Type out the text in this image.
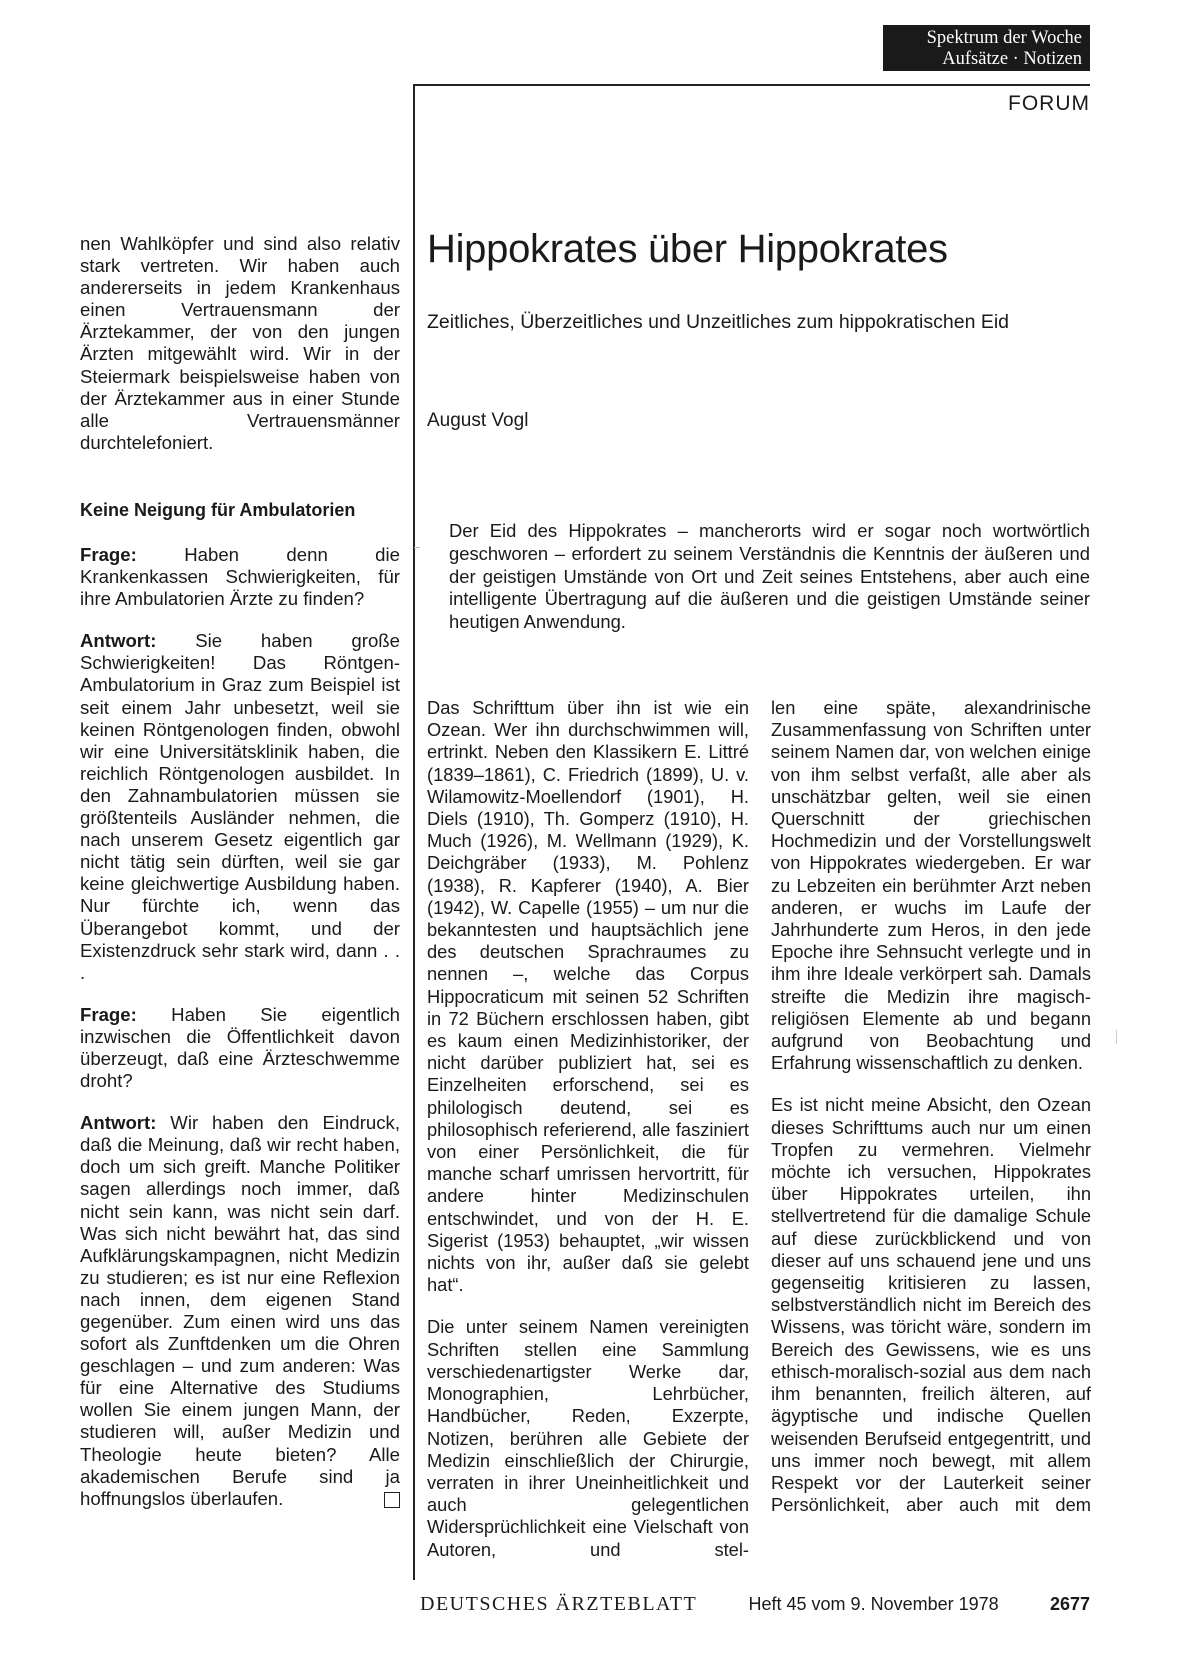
Spektrum der Woche
Aufsätze · Notizen
FORUM

nen Wahlköpfer und sind also relativ stark vertreten. Wir haben auch andererseits in jedem Krankenhaus einen Vertrauensmann der Ärztekammer, der von den jungen Ärzten mitgewählt wird. Wir in der Steiermark beispielsweise haben von der Ärztekammer aus in einer Stunde alle Vertrauensmänner durchtelefoniert.

Keine Neigung für Ambulatorien

Frage: Haben denn die Krankenkassen Schwierigkeiten, für ihre Ambulatorien Ärzte zu finden?

Antwort: Sie haben große Schwierigkeiten! Das Röntgen-Ambulatorium in Graz zum Beispiel ist seit einem Jahr unbesetzt, weil sie keinen Röntgenologen finden, obwohl wir eine Universitätsklinik haben, die reichlich Röntgenologen ausbildet. In den Zahnambulatorien müssen sie größtenteils Ausländer nehmen, die nach unserem Gesetz eigentlich gar nicht tätig sein dürften, weil sie gar keine gleichwertige Ausbildung haben. Nur fürchte ich, wenn das Überangebot kommt, und der Existenzdruck sehr stark wird, dann . . .

Frage: Haben Sie eigentlich inzwischen die Öffentlichkeit davon überzeugt, daß eine Ärzteschwemme droht?

Antwort: Wir haben den Eindruck, daß die Meinung, daß wir recht haben, doch um sich greift. Manche Politiker sagen allerdings noch immer, daß nicht sein kann, was nicht sein darf. Was sich nicht bewährt hat, das sind Aufklärungskampagnen, nicht Medizin zu studieren; es ist nur eine Reflexion nach innen, dem eigenen Stand gegenüber. Zum einen wird uns das sofort als Zunftdenken um die Ohren geschlagen – und zum anderen: Was für eine Alternative des Studiums wollen Sie einem jungen Mann, der studieren will, außer Medizin und Theologie heute bieten? Alle akademischen Berufe sind ja hoffnungslos überlaufen.

Hippokrates über Hippokrates
Zeitliches, Überzeitliches und Unzeitliches zum hippokratischen Eid
August Vogl

Der Eid des Hippokrates – mancherorts wird er sogar noch wortwörtlich geschworen – erfordert zu seinem Verständnis die Kenntnis der äußeren und der geistigen Umstände von Ort und Zeit seines Entstehens, aber auch eine intelligente Übertragung auf die äußeren und die geistigen Umstände seiner heutigen Anwendung.

Das Schrifttum über ihn ist wie ein Ozean. Wer ihn durchschwimmen will, ertrinkt. Neben den Klassikern E. Littré (1839–1861), C. Friedrich (1899), U. v. Wilamowitz-Moellendorf (1901), H. Diels (1910), Th. Gomperz (1910), H. Much (1926), M. Wellmann (1929), K. Deichgräber (1933), M. Pohlenz (1938), R. Kapferer (1940), A. Bier (1942), W. Capelle (1955) – um nur die bekanntesten und hauptsächlich jene des deutschen Sprachraumes zu nennen –, welche das Corpus Hippocraticum mit seinen 52 Schriften in 72 Büchern erschlossen haben, gibt es kaum einen Medizinhistoriker, der nicht darüber publiziert hat, sei es Einzelheiten erforschend, sei es philologisch deutend, sei es philosophisch referierend, alle fasziniert von einer Persönlichkeit, die für manche scharf umrissen hervortritt, für andere hinter Medizinschulen entschwindet, und von der H. E. Sigerist (1953) behauptet, „wir wissen nichts von ihr, außer daß sie gelebt hat“.

Die unter seinem Namen vereinigten Schriften stellen eine Sammlung verschiedenartigster Werke dar, Monographien, Lehrbücher, Handbücher, Reden, Exzerpte, Notizen, berühren alle Gebiete der Medizin einschließlich der Chirurgie, verraten in ihrer Uneinheitlichkeit und auch gelegentlichen Widersprüchlichkeit eine Vielschaft von Autoren, und stel-

len eine späte, alexandrinische Zusammenfassung von Schriften unter seinem Namen dar, von welchen einige von ihm selbst verfaßt, alle aber als unschätzbar gelten, weil sie einen Querschnitt der griechischen Hochmedizin und der Vorstellungswelt von Hippokrates wiedergeben. Er war zu Lebzeiten ein berühmter Arzt neben anderen, er wuchs im Laufe der Jahrhunderte zum Heros, in den jede Epoche ihre Sehnsucht verlegte und in ihm ihre Ideale verkörpert sah. Damals streifte die Medizin ihre magisch-religiösen Elemente ab und begann aufgrund von Beobachtung und Erfahrung wissenschaftlich zu denken.

Es ist nicht meine Absicht, den Ozean dieses Schrifttums auch nur um einen Tropfen zu vermehren. Vielmehr möchte ich versuchen, Hippokrates über Hippokrates urteilen, ihn stellvertretend für die damalige Schule auf diese zurückblickend und von dieser auf uns schauend jene und uns gegenseitig kritisieren zu lassen, selbstverständlich nicht im Bereich des Wissens, was töricht wäre, sondern im Bereich des Gewissens, wie es uns ethisch-moralisch-sozial aus dem nach ihm benannten, freilich älteren, auf ägyptische und indische Quellen weisenden Berufseid entgegentritt, und uns immer noch bewegt, mit allem Respekt vor der Lauterkeit seiner Persönlichkeit, aber auch mit dem

DEUTSCHES ÄRZTEBLATT	Heft 45 vom 9. November 1978	2677
